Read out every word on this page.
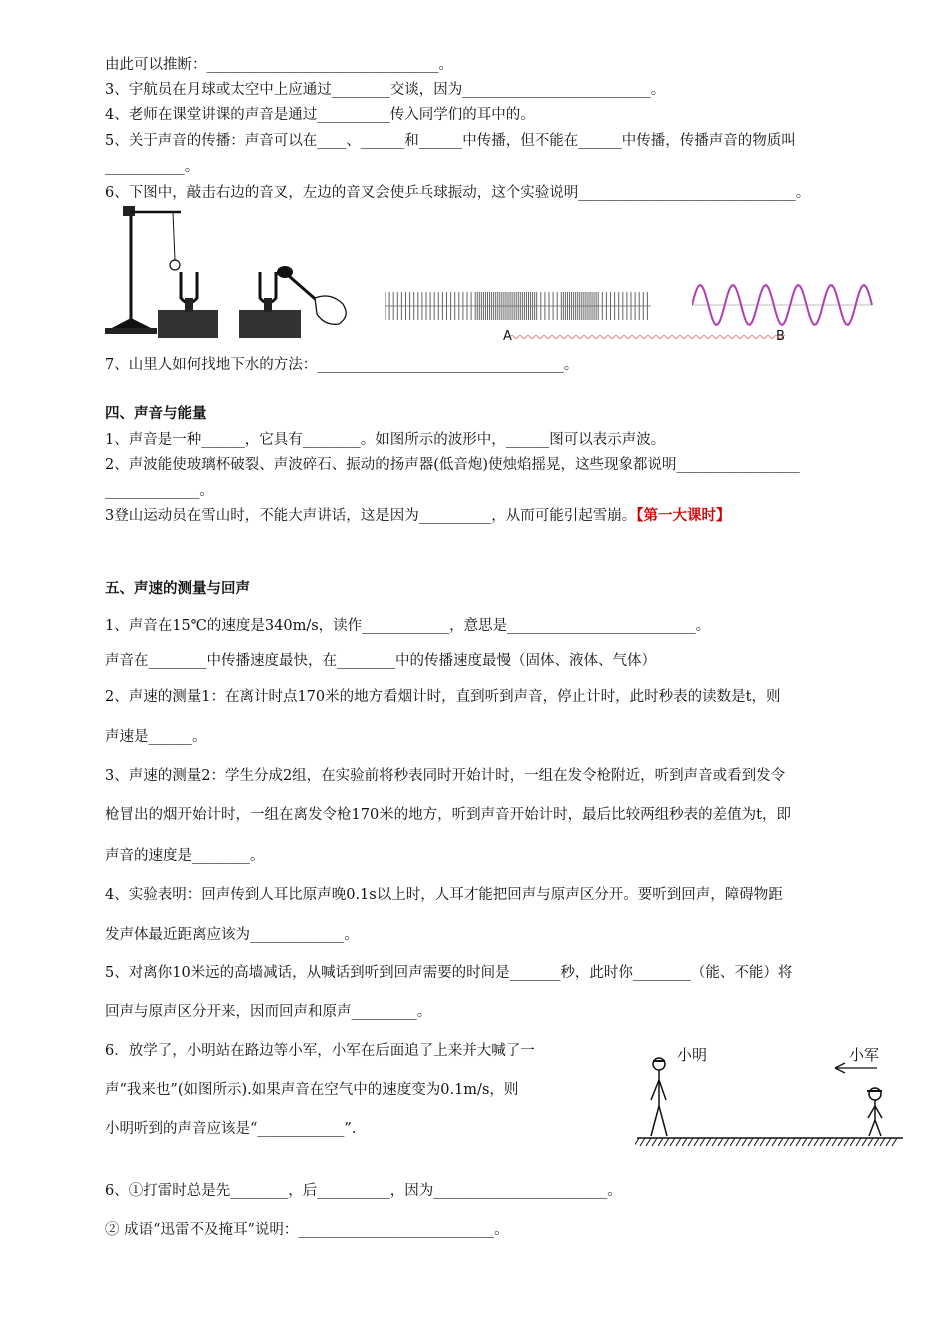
由此可以推断：________________________________。
3、宇航员在月球或太空中上应通过________交谈，因为__________________________。
4、老师在课堂讲课的声音是通过__________传入同学们的耳中的。
5、关于声音的传播：声音可以在____、______和______中传播，但不能在______中传播，传播声音的物质叫
___________。
6、下图中，敲击右边的音叉，左边的音叉会使乒乓球振动，这个实验说明______________________________。
A	B
7、山里人如何找地下水的方法：__________________________________。
四、声音与能量
1、声音是一种______，它具有________。如图所示的波形中，______图可以表示声波。
2、声波能使玻璃杯破裂、声波碎石、振动的扬声器(低音炮)使烛焰摇晃，这些现象都说明_________________
_____________。
3登山运动员在雪山时，不能大声讲话，这是因为__________，从而可能引起雪崩。【第一大课时】
五、声速的测量与回声
1、声音在15℃的速度是340m/s，读作____________，意思是__________________________。
声音在________中传播速度最快，在________中的传播速度最慢（固体、液体、气体）
2、声速的测量1：在离计时点170米的地方看烟计时，直到听到声音，停止计时，此时秒表的读数是t，则
声速是______。
3、声速的测量2：学生分成2组，在实验前将秒表同时开始计时，一组在发令枪附近，听到声音或看到发令
枪冒出的烟开始计时，一组在离发令枪170米的地方，听到声音开始计时，最后比较两组秒表的差值为t，即
声音的速度是________。
4、实验表明：回声传到人耳比原声晚0.1s以上时，人耳才能把回声与原声区分开。要听到回声，障碍物距
发声体最近距离应该为_____________。
5、对离你10米远的高墙减话，从喊话到听到回声需要的时间是_______秒，此时你________（能、不能）将
回声与原声区分开来，因而回声和原声_________。
6．放学了，小明站在路边等小军，小军在后面追了上来并大喊了一
声“我来也”(如图所示).如果声音在空气中的速度变为0.1m/s，则
小明听到的声音应该是“____________”.
小明	小军
6、①打雷时总是先________，后__________，因为________________________。
② 成语“迅雷不及掩耳”说明：___________________________。
